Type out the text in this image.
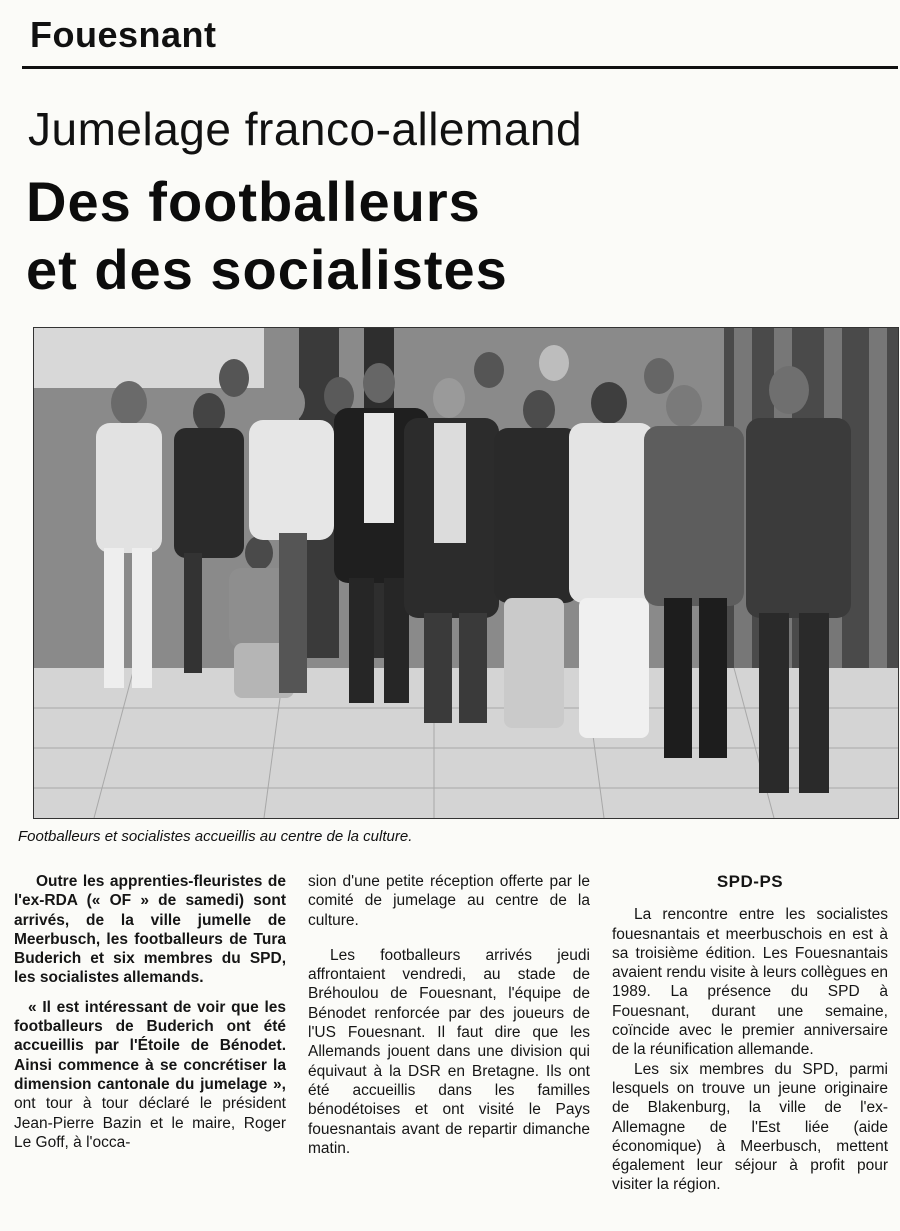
Fouesnant
Jumelage franco-allemand
Des footballeurs
et des socialistes
Footballeurs et socialistes accueillis au centre de la culture.

Outre les apprenties-fleuristes de l'ex-RDA (« OF » de samedi) sont arrivés, de la ville jumelle de Meerbusch, les footballeurs de Tura Buderich et six membres du SPD, les socialistes allemands.

« Il est intéressant de voir que les footballeurs de Buderich ont été accueillis par l'Étoile de Bénodet. Ainsi commence à se concrétiser la dimension cantonale du jumelage », ont tour à tour déclaré le président Jean-Pierre Bazin et le maire, Roger Le Goff, à l'occa-

sion d'une petite réception offerte par le comité de jumelage au centre de la culture.

Les footballeurs arrivés jeudi affrontaient vendredi, au stade de Bréhoulou de Fouesnant, l'équipe de Bénodet renforcée par des joueurs de l'US Fouesnant. Il faut dire que les Allemands jouent dans une division qui équivaut à la DSR en Bretagne. Ils ont été accueillis dans les familles bénodétoises et ont visité le Pays fouesnantais avant de repartir dimanche matin.

SPD-PS

La rencontre entre les socialistes fouesnantais et meerbuschois en est à sa troisième édition. Les Fouesnantais avaient rendu visite à leurs collègues en 1989. La présence du SPD à Fouesnant, durant une semaine, coïncide avec le premier anniversaire de la réunification allemande.

Les six membres du SPD, parmi lesquels on trouve un jeune originaire de Blakenburg, la ville de l'ex-Allemagne de l'Est liée (aide économique) à Meerbusch, mettent également leur séjour à profit pour visiter la région.
